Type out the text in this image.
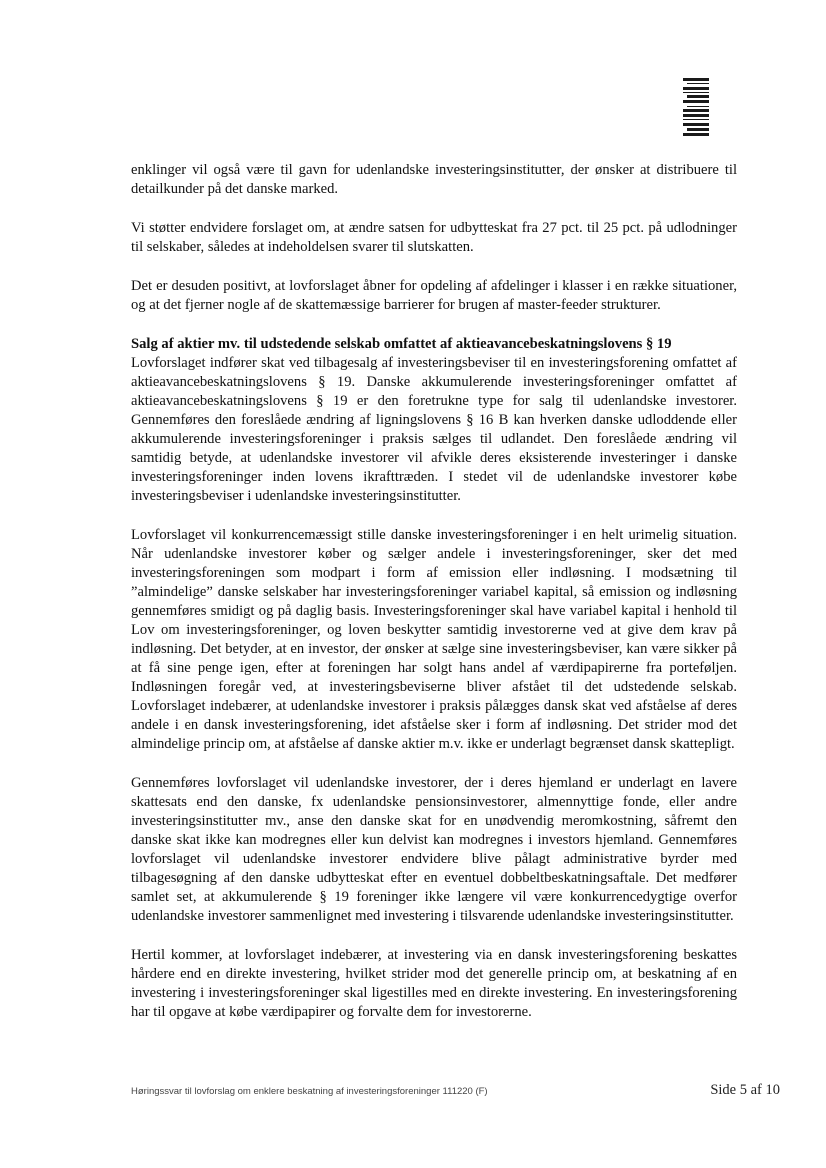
enklinger vil også være til gavn for udenlandske investeringsinstitutter, der ønsker at distribuere til detailkunder på det danske marked.

Vi støtter endvidere forslaget om, at ændre satsen for udbytteskat fra 27 pct. til 25 pct. på udlodninger til selskaber, således at indeholdelsen svarer til slutskatten.

Det er desuden positivt, at lovforslaget åbner for opdeling af afdelinger i klasser i en række situationer, og at det fjerner nogle af de skattemæssige barrierer for brugen af master-feeder strukturer.

Salg af aktier mv. til udstedende selskab omfattet af aktieavancebeskatningslovens § 19
Lovforslaget indfører skat ved tilbagesalg af investeringsbeviser til en investeringsforening omfattet af aktieavancebeskatningslovens § 19. Danske akkumulerende investeringsforeninger omfattet af aktieavancebeskatningslovens § 19 er den foretrukne type for salg til udenlandske investorer. Gennemføres den foreslåede ændring af ligningslovens § 16 B kan hverken danske udloddende eller akkumulerende investeringsforeninger i praksis sælges til udlandet. Den foreslåede ændring vil samtidig betyde, at udenlandske investorer vil afvikle deres eksisterende investeringer i danske investeringsforeninger inden lovens ikrafttræden. I stedet vil de udenlandske investorer købe investeringsbeviser i udenlandske investeringsinstitutter.

Lovforslaget vil konkurrencemæssigt stille danske investeringsforeninger i en helt urimelig situation. Når udenlandske investorer køber og sælger andele i investeringsforeninger, sker det med investeringsforeningen som modpart i form af emission eller indløsning. I modsætning til ”almindelige” danske selskaber har investeringsforeninger variabel kapital, så emission og indløsning gennemføres smidigt og på daglig basis. Investeringsforeninger skal have variabel kapital i henhold til Lov om investeringsforeninger, og loven beskytter samtidig investorerne ved at give dem krav på indløsning. Det betyder, at en investor, der ønsker at sælge sine investeringsbeviser, kan være sikker på at få sine penge igen, efter at foreningen har solgt hans andel af værdipapirerne fra porteføljen. Indløsningen foregår ved, at investeringsbeviserne bliver afstået til det udstedende selskab. Lovforslaget indebærer, at udenlandske investorer i praksis pålægges dansk skat ved afståelse af deres andele i en dansk investeringsforening, idet afståelse sker i form af indløsning. Det strider mod det almindelige princip om, at afståelse af danske aktier m.v. ikke er underlagt begrænset dansk skattepligt.

Gennemføres lovforslaget vil udenlandske investorer, der i deres hjemland er underlagt en lavere skattesats end den danske, fx udenlandske pensionsinvestorer, almennyttige fonde, eller andre investeringsinstitutter mv., anse den danske skat for en unødvendig meromkostning, såfremt den danske skat ikke kan modregnes eller kun delvist kan modregnes i investors hjemland. Gennemføres lovforslaget vil udenlandske investorer endvidere blive pålagt administrative byrder med tilbagesøgning af den danske udbytteskat efter en eventuel dobbeltbeskatningsaftale. Det medfører samlet set, at akkumulerende § 19 foreninger ikke længere vil være konkurrencedygtige overfor udenlandske investorer sammenlignet med investering i tilsvarende udenlandske investeringsinstitutter.

Hertil kommer, at lovforslaget indebærer, at investering via en dansk investeringsforening beskattes hårdere end en direkte investering, hvilket strider mod det generelle princip om, at beskatning af en investering i investeringsforeninger skal ligestilles med en direkte investering. En investeringsforening har til opgave at købe værdipapirer og forvalte dem for investorerne.

Høringssvar til lovforslag om enklere beskatning af investeringsforeninger 111220 (F)	Side 5 af 10
